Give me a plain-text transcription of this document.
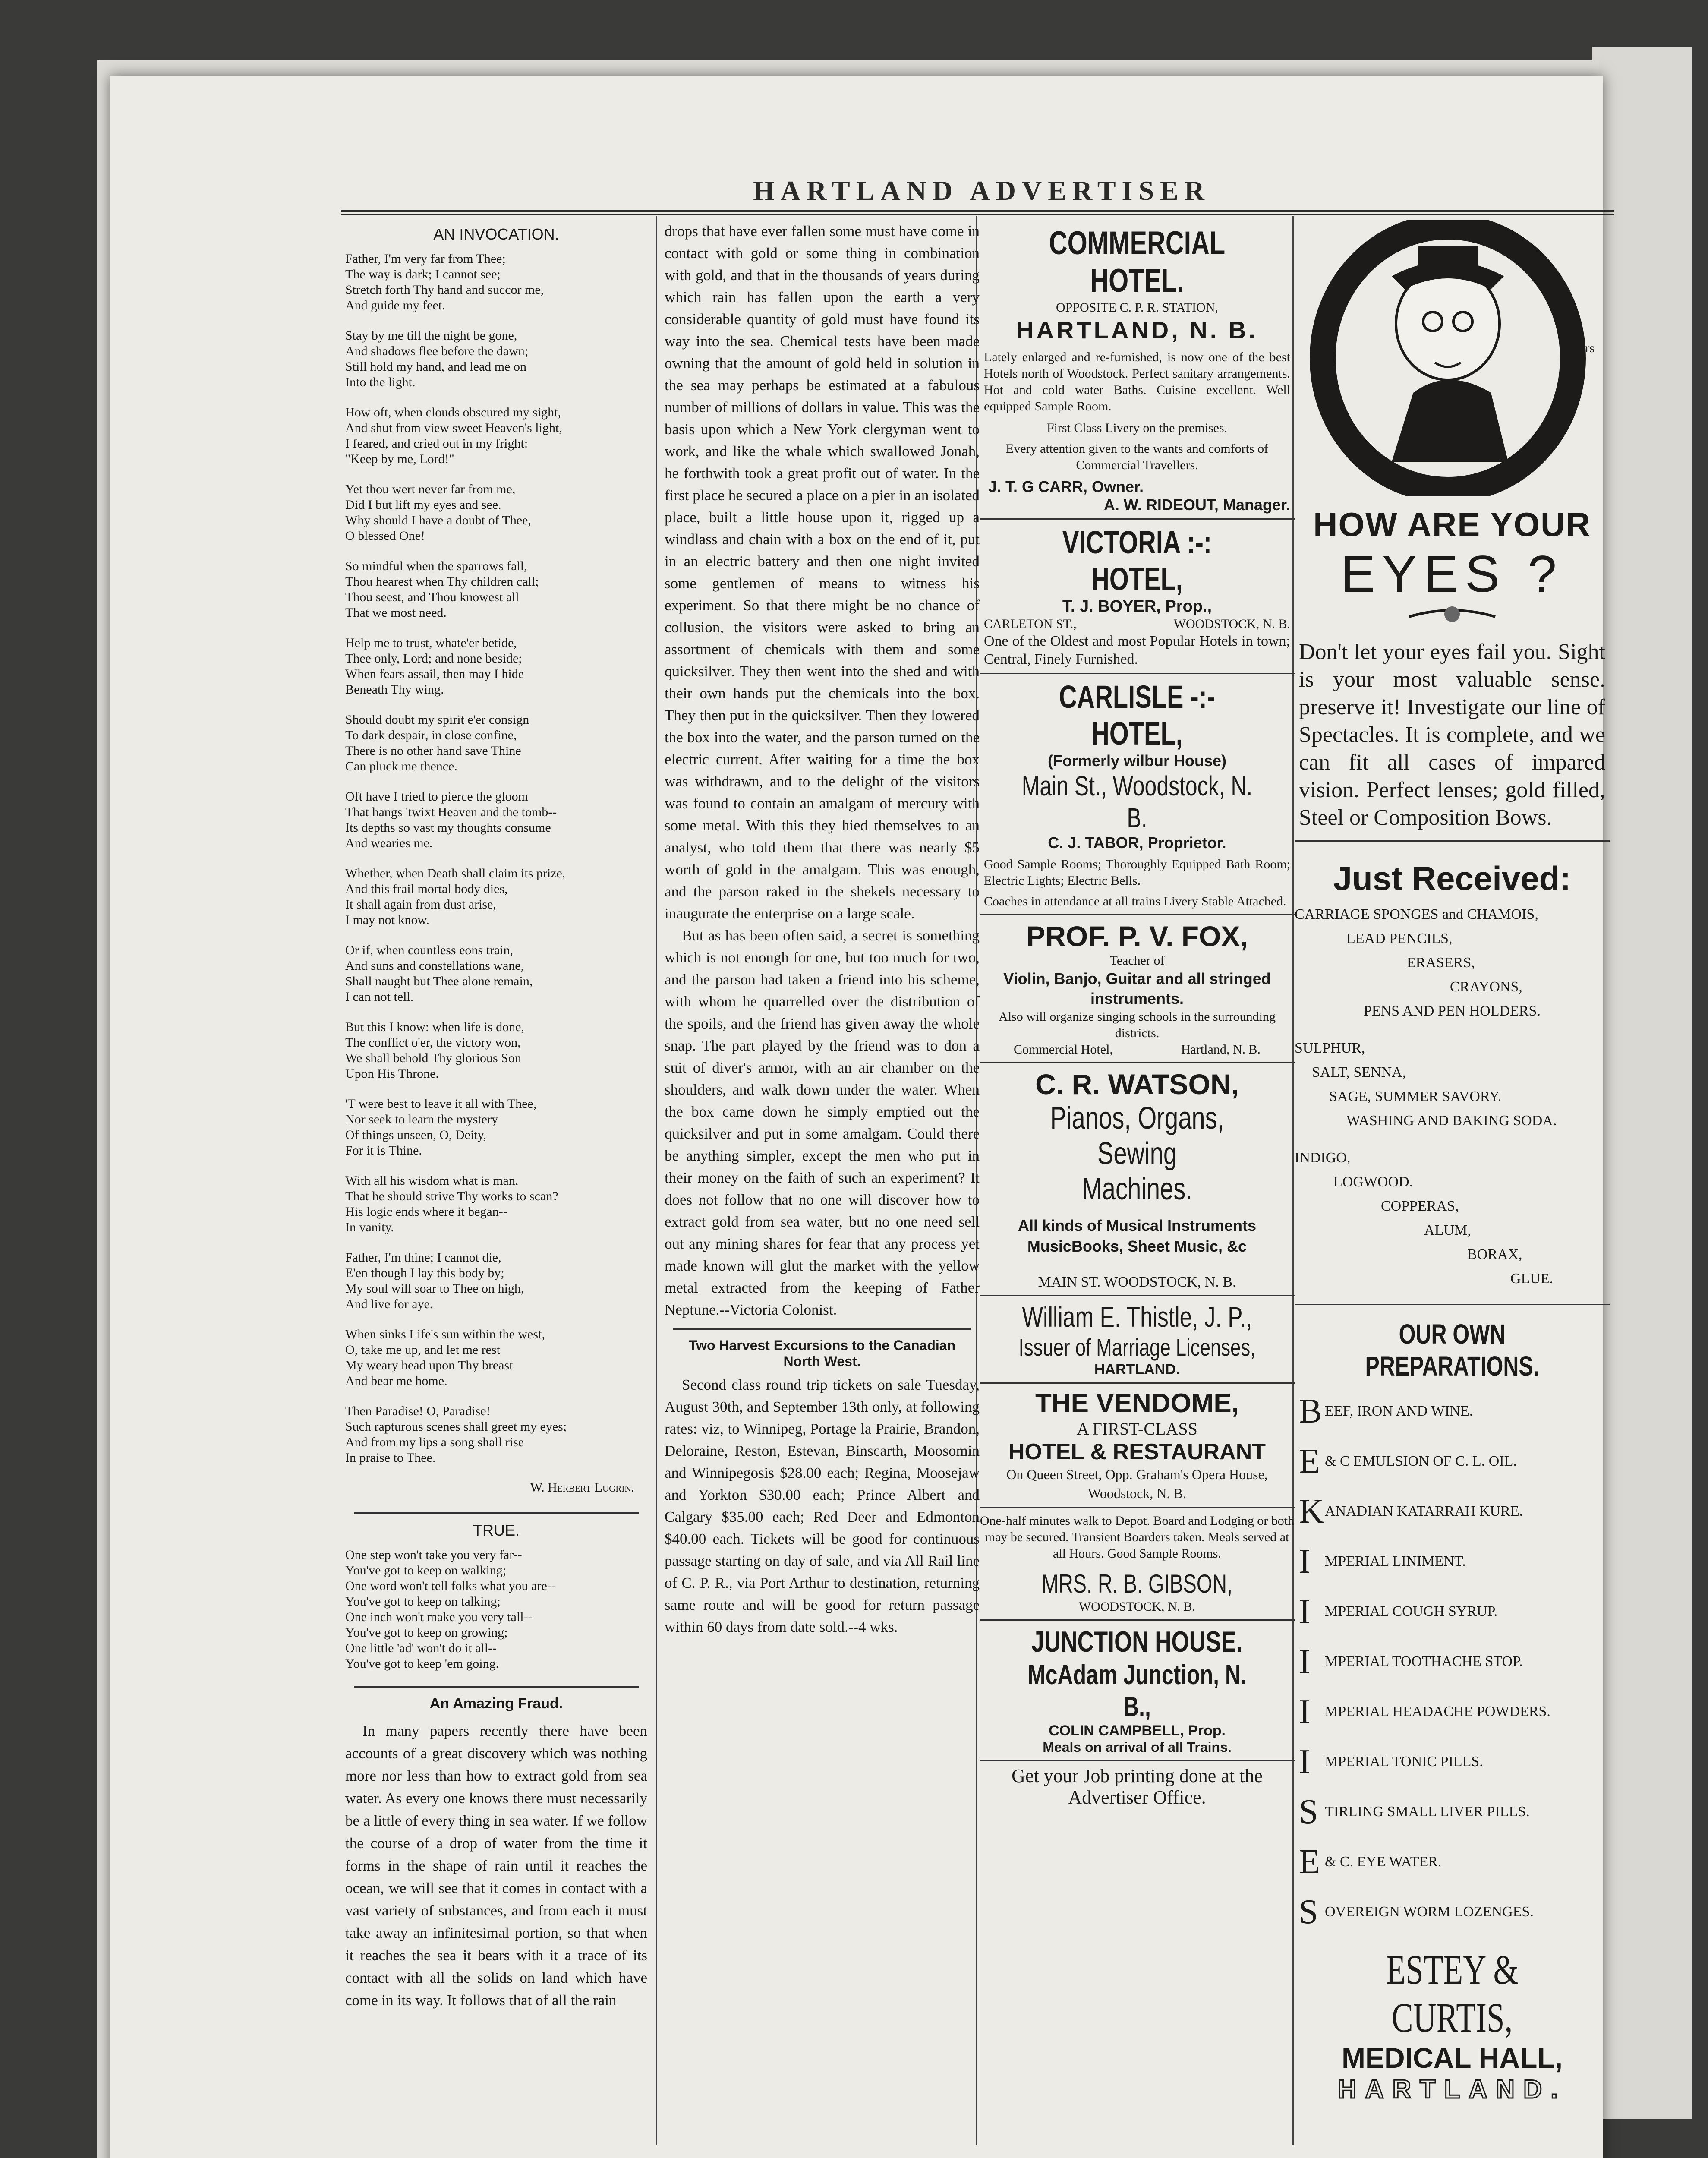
HARTLAND ADVERTISER
AN INVOCATION.

Father, I'm very far from Thee;
The way is dark; I cannot see;
Stretch forth Thy hand and succor me,
And guide my feet.

Stay by me till the night be gone,
And shadows flee before the dawn;
Still hold my hand, and lead me on
Into the light.

How oft, when clouds obscured my sight,
And shut from view sweet Heaven's light,
I feared, and cried out in my fright:
"Keep by me, Lord!"

Yet thou wert never far from me,
Did I but lift my eyes and see.
Why should I have a doubt of Thee,
O blessed One!

So mindful when the sparrows fall,
Thou hearest when Thy children call;
Thou seest, and Thou knowest all
That we most need.

Help me to trust, whate'er betide,
Thee only, Lord; and none beside;
When fears assail, then may I hide
Beneath Thy wing.

Should doubt my spirit e'er consign
To dark despair, in close confine,
There is no other hand save Thine
Can pluck me thence.

Oft have I tried to pierce the gloom
That hangs 'twixt Heaven and the tomb--
Its depths so vast my thoughts consume
And wearies me.

Whether, when Death shall claim its prize,
And this frail mortal body dies,
It shall again from dust arise,
I may not know.

Or if, when countless eons train,
And suns and constellations wane,
Shall naught but Thee alone remain,
I can not tell.

But this I know: when life is done,
The conflict o'er, the victory won,
We shall behold Thy glorious Son
Upon His Throne.

'T were best to leave it all with Thee,
Nor seek to learn the mystery
Of things unseen, O, Deity,
For it is Thine.

With all his wisdom what is man,
That he should strive Thy works to scan?
His logic ends where it began--
In vanity.

Father, I'm thine; I cannot die,
E'en though I lay this body by;
My soul will soar to Thee on high,
And live for aye.

When sinks Life's sun within the west,
O, take me up, and let me rest
My weary head upon Thy breast
And bear me home.

Then Paradise! O, Paradise!
Such rapturous scenes shall greet my eyes;
And from my lips a song shall rise
In praise to Thee.

W. Herbert Lugrin.
TRUE.

One step won't take you very far--
You've got to keep on walking;
One word won't tell folks what you are--
You've got to keep on talking;
One inch won't make you very tall--
You've got to keep on growing;
One little 'ad' won't do it all--
You've got to keep 'em going.

An Amazing Fraud.

In many papers recently there have been accounts of a great discovery which was nothing more nor less than how to extract gold from sea water. As every one knows there must necessarily be a little of every thing in sea water. If we follow the course of a drop of water from the time it forms in the shape of rain until it reaches the ocean, we will see that it comes in contact with a vast variety of substances, and from each it must take away an infinitesimal portion, so that when it reaches the sea it bears with it a trace of its contact with all the solids on land which have come in its way. It follows that of all the rain

drops that have ever fallen some must have come in contact with gold or some thing in combination with gold, and that in the thousands of years during which rain has fallen upon the earth a very considerable quantity of gold must have found its way into the sea. Chemical tests have been made owning that the amount of gold held in solution in the sea may perhaps be estimated at a fabulous number of millions of dollars in value. This was the basis upon which a New York clergyman went to work, and like the whale which swallowed Jonah, he forthwith took a great profit out of water. In the first place he secured a place on a pier in an isolated place, built a little house upon it, rigged up a windlass and chain with a box on the end of it, put in an electric battery and then one night invited some gentlemen of means to witness his experiment. So that there might be no chance of collusion, the visitors were asked to bring an assortment of chemicals with them and some quicksilver. They then went into the shed and with their own hands put the chemicals into the box. They then put in the quicksilver. Then they lowered the box into the water, and the parson turned on the electric current. After waiting for a time the box was withdrawn, and to the delight of the visitors was found to contain an amalgam of mercury with some metal. With this they hied themselves to an analyst, who told them that there was nearly $5 worth of gold in the amalgam. This was enough, and the parson raked in the shekels necessary to inaugurate the enterprise on a large scale.

But as has been often said, a secret is something which is not enough for one, but too much for two, and the parson had taken a friend into his scheme, with whom he quarrelled over the distribution of the spoils, and the friend has given away the whole snap. The part played by the friend was to don a suit of diver's armor, with an air chamber on the shoulders, and walk down under the water. When the box came down he simply emptied out the quicksilver and put in some amalgam. Could there be anything simpler, except the men who put in their money on the faith of such an experiment? It does not follow that no one will discover how to extract gold from sea water, but no one need sell out any mining shares for fear that any process yet made known will glut the market with the yellow metal extracted from the keeping of Father Neptune.--Victoria Colonist.

Two Harvest Excursions to the Canadian North West.

Second class round trip tickets on sale Tuesday, August 30th, and September 13th only, at following rates: viz, to Winnipeg, Portage la Prairie, Brandon, Deloraine, Reston, Estevan, Binscarth, Moosomin and Winnipegosis $28.00 each; Regina, Moosejaw and Yorkton $30.00 each; Prince Albert and Calgary $35.00 each; Red Deer and Edmonton $40.00 each. Tickets will be good for continuous passage starting on day of sale, and via All Rail line of C. P. R., via Port Arthur to destination, returning same route and will be good for return passage within 60 days from date sold.--4 wks.

COMMERCIAL HOTEL.
OPPOSITE C. P. R. STATION,
HARTLAND, N. B.
Lately enlarged and re-furnished, is now one of the best Hotels north of Woodstock. Perfect sanitary arrangements. Hot and cold water Baths. Cuisine excellent. Well equipped Sample Room.
First Class Livery on the premises.
Every attention given to the wants and comforts of Commercial Travellers.
J. T. G CARR, Owner.
A. W. RIDEOUT, Manager.
VICTORIA :-: HOTEL,
T. J. BOYER, Prop.,
CARLETON ST.,	WOODSTOCK, N. B.
One of the Oldest and most Popular Hotels in town; Central, Finely Furnished.
CARLISLE -:- HOTEL,
(Formerly wilbur House)
Main St., Woodstock, N. B.
C. J. TABOR, Proprietor.
Good Sample Rooms; Thoroughly Equipped Bath Room; Electric Lights; Electric Bells.
Coaches in attendance at all trains Livery Stable Attached.
PROF. P. V. FOX,
Teacher of
Violin, Banjo, Guitar and all stringed instruments.
Also will organize singing schools in the surrounding districts.
Commercial Hotel,	Hartland, N. B.
C. R. WATSON,
Pianos, Organs, Sewing
Machines.
All kinds of Musical Instruments MusicBooks, Sheet Music, &c
MAIN ST. WOODSTOCK, N. B.
William E. Thistle, J. P.,
Issuer of Marriage Licenses,
HARTLAND.
THE VENDOME,
A FIRST-CLASS
HOTEL & RESTAURANT
On Queen Street, Opp. Graham's Opera House, Woodstock, N. B.
One-half minutes walk to Depot. Board and Lodging or both may be secured. Transient Boarders taken. Meals served at all Hours. Good Sample Rooms.
MRS. R. B. GIBSON,
WOODSTOCK, N. B.
JUNCTION HOUSE.
McAdam Junction, N. B.,
COLIN CAMPBELL, Prop.
Meals on arrival of all Trains.
Get your Job printing done at the Advertiser Office.
urs
HOW ARE YOUR
EYES ?
Don't let your eyes fail you. Sight is your most valuable sense. preserve it! Investigate our line of Spectacles. It is complete, and we can fit all cases of impared vision. Perfect lenses; gold filled, Steel or Composition Bows.
Just Received:
CARRIAGE SPONGES and CHAMOIS,
LEAD PENCILS,
ERASERS,
CRAYONS,
PENS AND PEN HOLDERS.
SULPHUR,
SALT, SENNA,
SAGE, SUMMER SAVORY.
WASHING AND BAKING SODA.
INDIGO,
LOGWOOD.
COPPERAS,
ALUM,
BORAX,
GLUE.
OUR OWN PREPARATIONS.
B EEF, IRON AND WINE.
E & C EMULSION OF C. L. OIL.
K ANADIAN KATARRAH KURE.
I MPERIAL LINIMENT.
I MPERIAL COUGH SYRUP.
I MPERIAL TOOTHACHE STOP.
I MPERIAL HEADACHE POWDERS.
I MPERIAL TONIC PILLS.
S TIRLING SMALL LIVER PILLS.
E & C. EYE WATER.
S OVEREIGN WORM LOZENGES.
ESTEY & CURTIS,
MEDICAL HALL,
HARTLAND.
